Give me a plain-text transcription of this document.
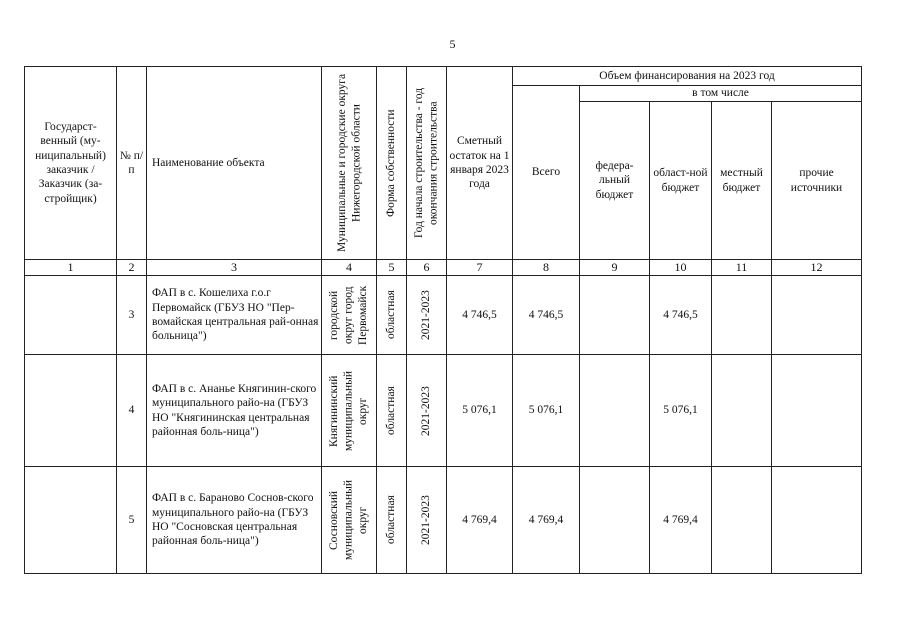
5
Государст-венный (му-ниципальный) заказчик / Заказчик (за-стройщик)	№ п/п	Наименование объекта	Муниципальные и городские округа Нижегородской области	Форма собственности	Год начала строительства - год окончания строительства	Сметный остаток на 1 января 2023 года	Объем финансирования на 2023 год				
							Всего	в том числе			
								федера-льный бюджет	област-ной бюджет	местный бюджет	прочие источники
1	2	3	4	5	6	7	8	9	10	11	12
	3	ФАП в с. Кошелиха г.о.г Первомайск (ГБУЗ НО "Пер-вомайская центральная рай-онная больница")	городской округ город Первомайск	областная	2021-2023	4 746,5	4 746,5		4 746,5		
	4	ФАП в с. Ананье Княгинин-ского муниципального райо-на (ГБУЗ НО "Княгининская центральная районная боль-ница")	Княгининский муниципальный округ	областная	2021-2023	5 076,1	5 076,1		5 076,1		
	5	ФАП в с. Бараново Соснов-ского муниципального райо-на (ГБУЗ НО "Сосновская центральная районная боль-ница")	Сосновский муниципальный округ	областная	2021-2023	4 769,4	4 769,4		4 769,4		
